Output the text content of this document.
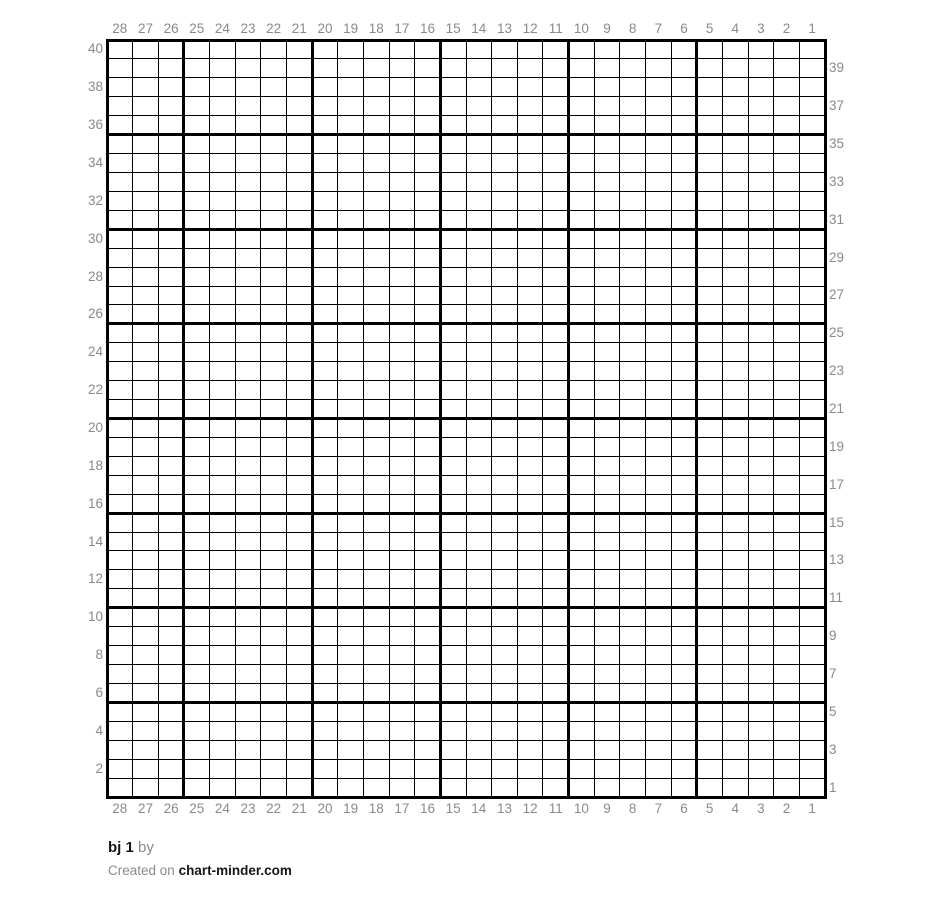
28 27 26 25 24 23 22 21 20 19 18 17 16 15 14 13 12 11 10	9	8	7	6	5	4	3	2	1
28 27 26 25 24 23 22 21 20 19 18 17 16 15 14 13 12 11 10	9	8	7	6	5	4	3	2	1
40
38
36
34
32
30
28
26
24
22
20
18
16
14
12
10
8
6
4
2
39
37
35
33
31
29
27
25
23
21
19
17
15
13
11
9
7
5
3
1
bj 1 by
Created on chart-minder.com
